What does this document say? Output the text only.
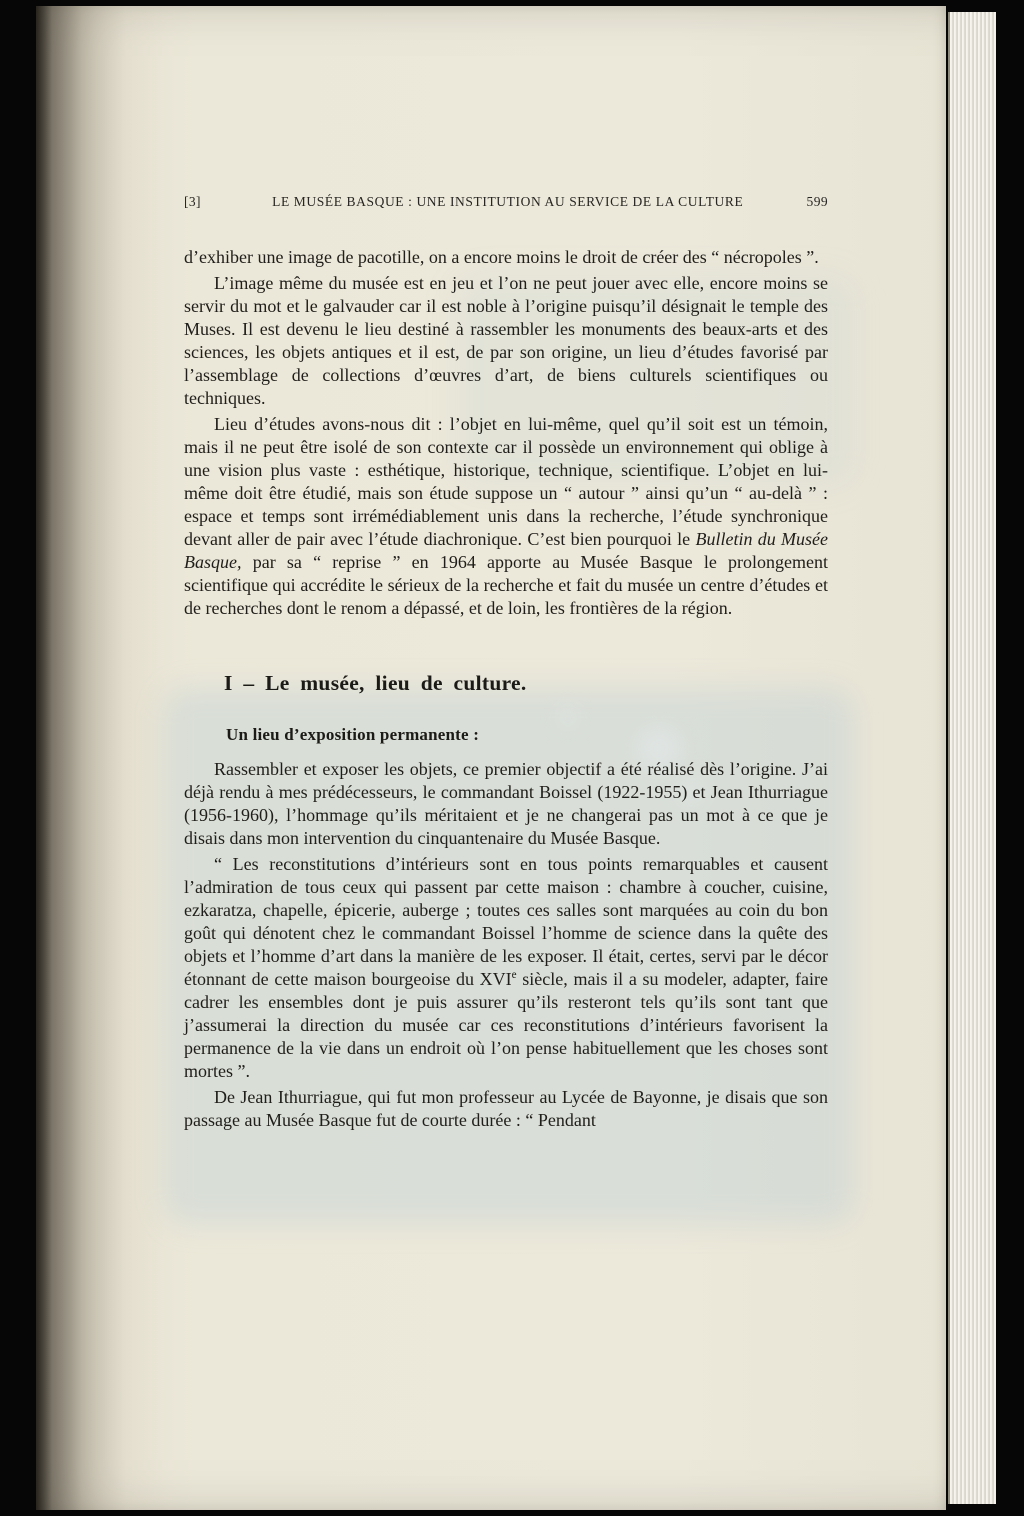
[3]	LE MUSÉE BASQUE : UNE INSTITUTION AU SERVICE DE LA CULTURE	599

d’exhiber une image de pacotille, on a encore moins le droit de créer des “ nécropoles ”.

L’image même du musée est en jeu et l’on ne peut jouer avec elle, encore moins se servir du mot et le galvauder car il est noble à l’origine puisqu’il désignait le temple des Muses. Il est devenu le lieu destiné à rassembler les monuments des beaux-arts et des sciences, les objets antiques et il est, de par son origine, un lieu d’études favorisé par l’assemblage de collections d’œuvres d’art, de biens culturels scientifiques ou techniques.

Lieu d’études avons-nous dit : l’objet en lui-même, quel qu’il soit est un témoin, mais il ne peut être isolé de son contexte car il possède un environnement qui oblige à une vision plus vaste : esthétique, historique, technique, scientifique. L’objet en lui-même doit être étudié, mais son étude suppose un “ autour ” ainsi qu’un “ au-delà ” : espace et temps sont irrémédiablement unis dans la recherche, l’étude synchronique devant aller de pair avec l’étude diachronique. C’est bien pourquoi le Bulletin du Musée Basque, par sa “ reprise ” en 1964 apporte au Musée Basque le prolongement scientifique qui accrédite le sérieux de la recherche et fait du musée un centre d’études et de recherches dont le renom a dépassé, et de loin, les frontières de la région.

I – Le musée, lieu de culture.
Un lieu d’exposition permanente :

Rassembler et exposer les objets, ce premier objectif a été réalisé dès l’origine. J’ai déjà rendu à mes prédécesseurs, le commandant Boissel (1922-1955) et Jean Ithurriague (1956-1960), l’hommage qu’ils méritaient et je ne changerai pas un mot à ce que je disais dans mon intervention du cinquantenaire du Musée Basque.

“ Les reconstitutions d’intérieurs sont en tous points remarquables et causent l’admiration de tous ceux qui passent par cette maison : chambre à coucher, cuisine, ezkaratza, chapelle, épicerie, auberge ; toutes ces salles sont marquées au coin du bon goût qui dénotent chez le commandant Boissel l’homme de science dans la quête des objets et l’homme d’art dans la manière de les exposer. Il était, certes, servi par le décor étonnant de cette maison bourgeoise du XVIe siècle, mais il a su modeler, adapter, faire cadrer les ensembles dont je puis assurer qu’ils resteront tels qu’ils sont tant que j’assumerai la direction du musée car ces reconstitutions d’intérieurs favorisent la permanence de la vie dans un endroit où l’on pense habituellement que les choses sont mortes ”.

De Jean Ithurriague, qui fut mon professeur au Lycée de Bayonne, je disais que son passage au Musée Basque fut de courte durée : “ Pendant
